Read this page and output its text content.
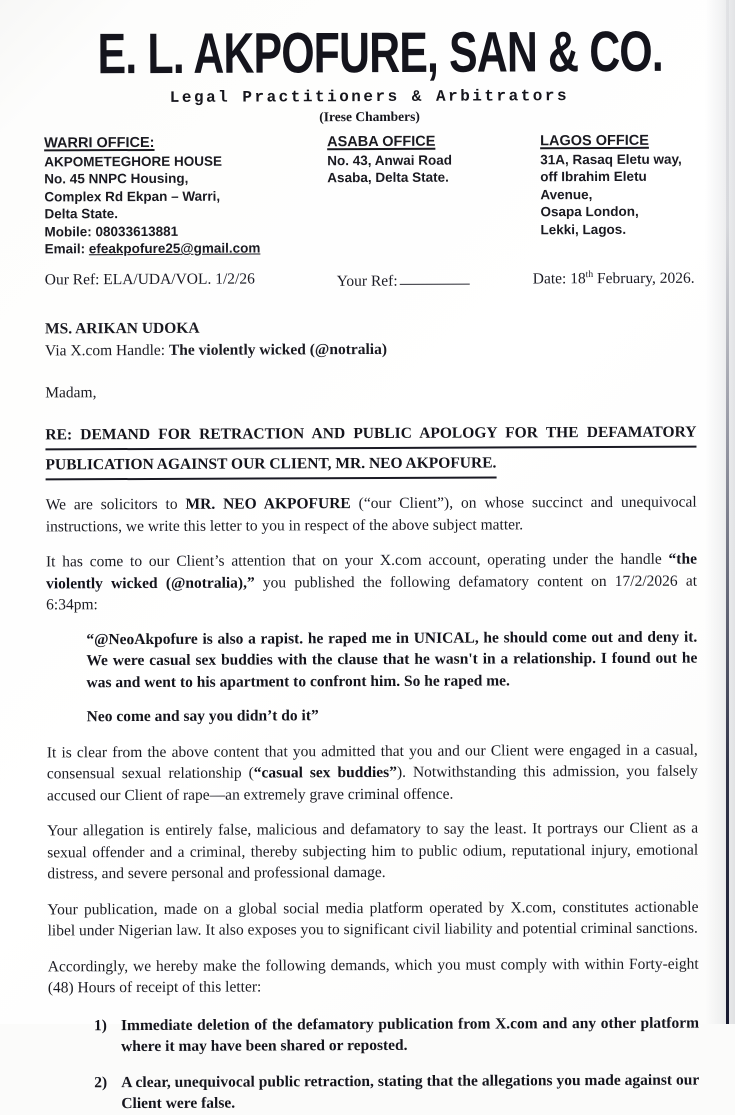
E. L. AKPOFURE, SAN & CO.
Legal Practitioners & Arbitrators
(Irese Chambers)
WARRI OFFICE:
AKPOMETEGHORE HOUSE
No. 45 NNPC Housing,
Complex Rd Ekpan – Warri,
Delta State.
Mobile: 08033613881
Email: efeakpofure25@gmail.com
ASABA OFFICE
No. 43, Anwai Road
Asaba, Delta State.
LAGOS OFFICE
31A, Rasaq Eletu way,
off Ibrahim Eletu Avenue,
Osapa London,
Lekki, Lagos.
Our Ref: ELA/UDA/VOL. 1/2/26	Your Ref:	Date: 18th February, 2026.
MS. ARIKAN UDOKA
Via X.com Handle: The violently wicked (@notralia)
Madam,
RE: DEMAND FOR RETRACTION AND PUBLIC APOLOGY FOR THE DEFAMATORY
PUBLICATION AGAINST OUR CLIENT, MR. NEO AKPOFURE.

We are solicitors to MR. NEO AKPOFURE (“our Client”), on whose succinct and unequivocal instructions, we write this letter to you in respect of the above subject matter.

It has come to our Client’s attention that on your X.com account, operating under the handle “the violently wicked (@notralia),” you published the following defamatory content on 17/2/2026 at 6:34pm:

“@NeoAkpofure is also a rapist. he raped me in UNICAL, he should come out and deny it. We were casual sex buddies with the clause that he wasn't in a relationship. I found out he was and went to his apartment to confront him. So he raped me.

Neo come and say you didn’t do it”

It is clear from the above content that you admitted that you and our Client were engaged in a casual, consensual sexual relationship (“casual sex buddies”). Notwithstanding this admission, you falsely accused our Client of rape—an extremely grave criminal offence.

Your allegation is entirely false, malicious and defamatory to say the least. It portrays our Client as a sexual offender and a criminal, thereby subjecting him to public odium, reputational injury, emotional distress, and severe personal and professional damage.

Your publication, made on a global social media platform operated by X.com, constitutes actionable libel under Nigerian law. It also exposes you to significant civil liability and potential criminal sanctions.

Accordingly, we hereby make the following demands, which you must comply with within Forty-eight (48) Hours of receipt of this letter:

1) Immediate deletion of the defamatory publication from X.com and any other platform where it may have been shared or reposted.
2) A clear, unequivocal public retraction, stating that the allegations you made against our Client were false.
